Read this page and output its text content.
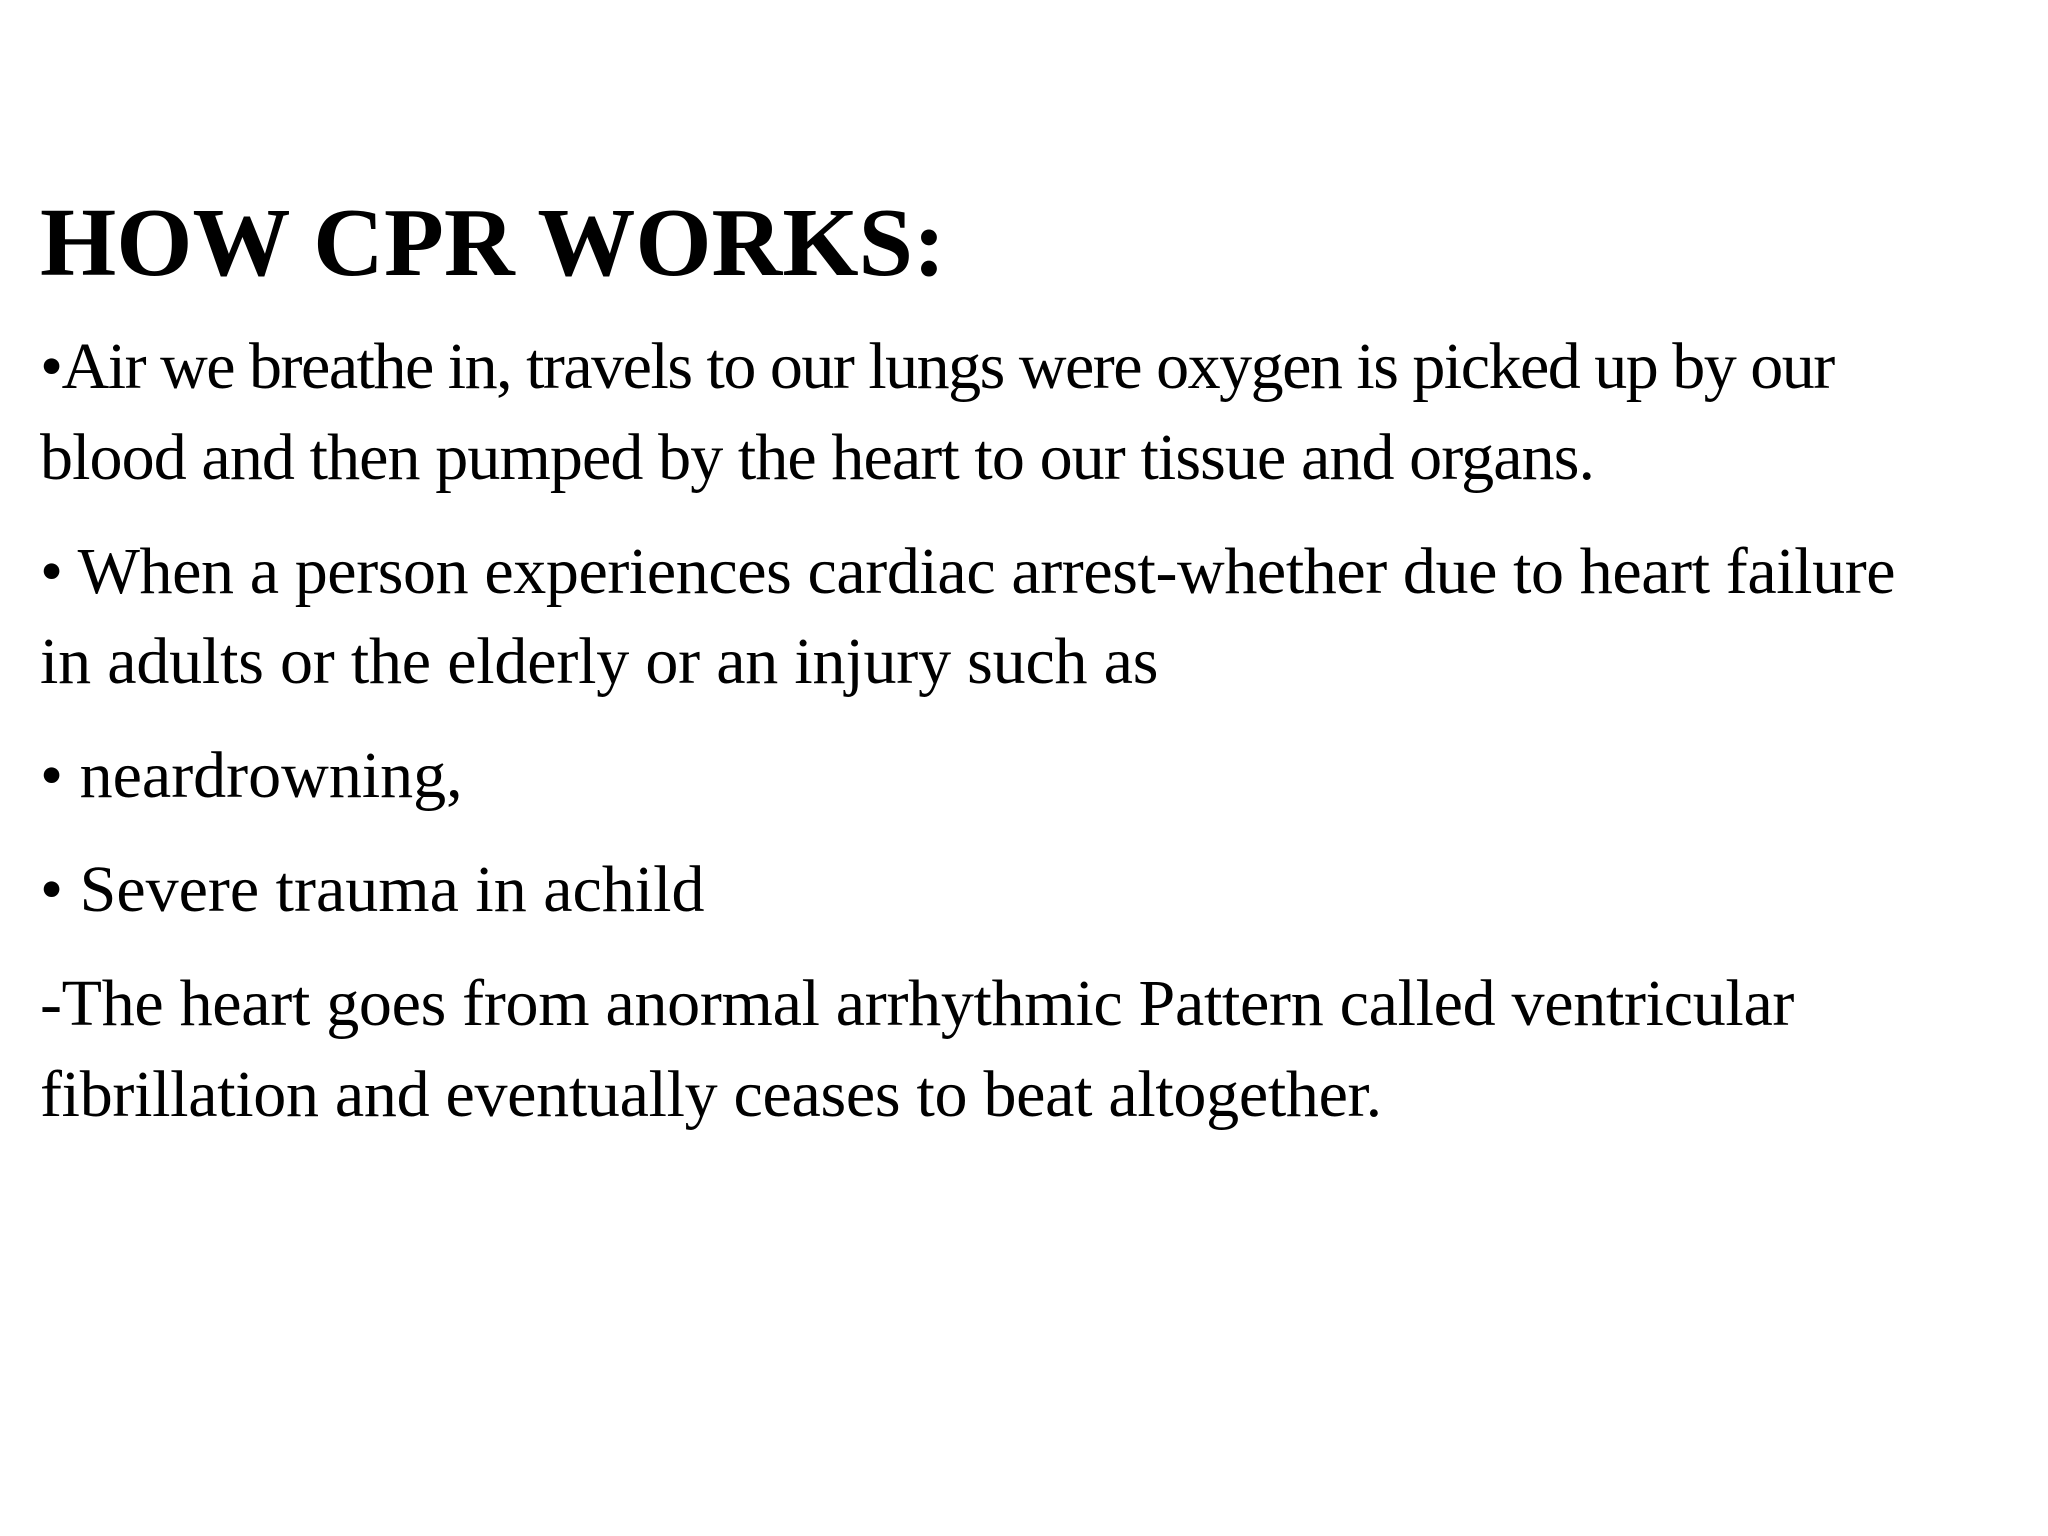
HOW CPR WORKS:

•Air we breathe in, travels to our lungs were oxygen is picked up by our

blood and then pumped by the heart to our tissue and organs.

• When a person experiences cardiac arrest-whether due to heart failure

in adults or the elderly or an injury such as

• neardrowning,

• Severe trauma in achild

-The heart goes from anormal arrhythmic Pattern called ventricular

fibrillation and eventually ceases to beat altogether.
